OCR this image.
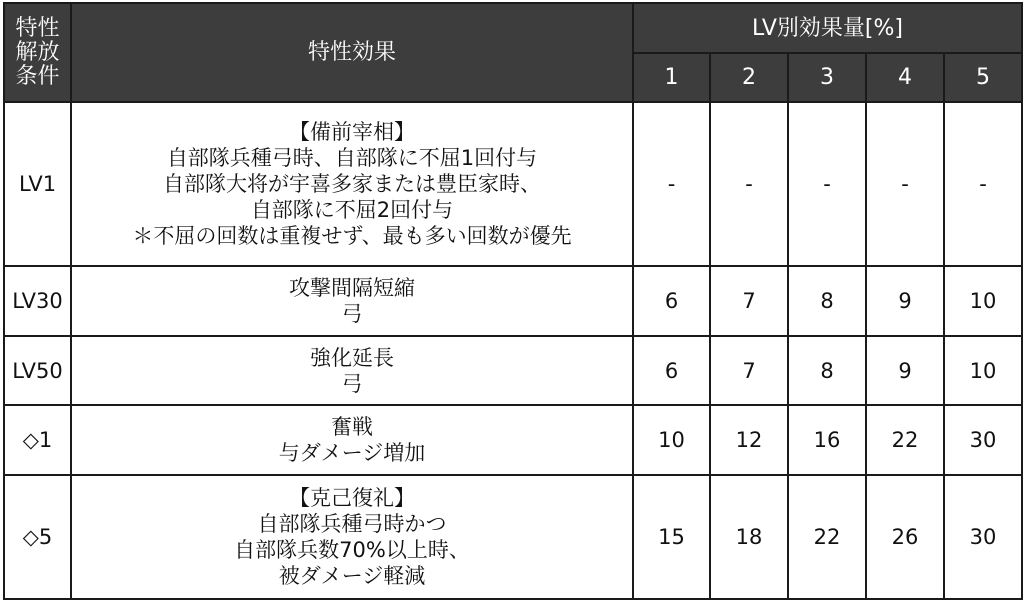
特性
解放
条件	特性効果	LV別効果量[%]				
		1	2	3	4	5
LV1	【備前宰相】
自部隊兵種弓時、自部隊に不屈1回付与
自部隊大将が宇喜多家または豊臣家時、
自部隊に不屈2回付与
＊不屈の回数は重複せず、最も多い回数が優先	-	-	-	-	-
LV30	攻撃間隔短縮
弓	6	7	8	9	10
LV50	強化延長
弓	6	7	8	9	10
◇1	奮戦
与ダメージ増加	10	12	16	22	30
◇5	【克己復礼】
自部隊兵種弓時かつ
自部隊兵数70%以上時、
被ダメージ軽減	15	18	22	26	30
